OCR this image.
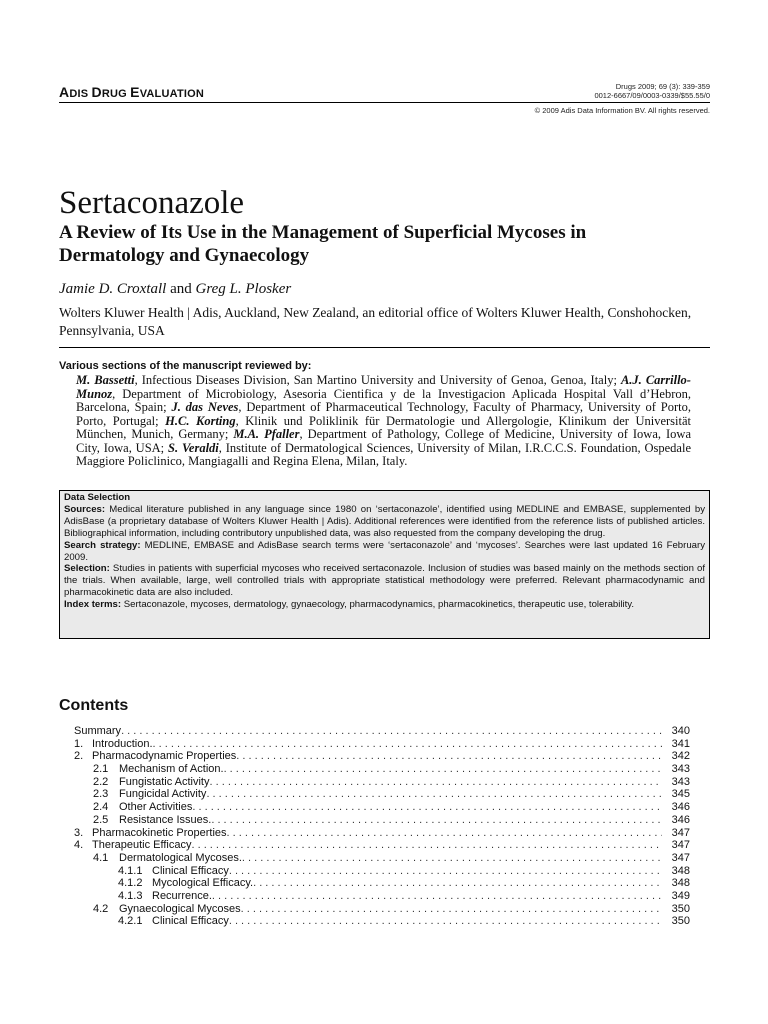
ADIS DRUG EVALUATION
Drugs 2009; 69 (3): 339-359
0012-6667/09/0003-0339/$55.55/0
© 2009 Adis Data Information BV. All rights reserved.
Sertaconazole
A Review of Its Use in the Management of Superficial Mycoses in Dermatology and Gynaecology
Jamie D. Croxtall and Greg L. Plosker
Wolters Kluwer Health | Adis, Auckland, New Zealand, an editorial office of Wolters Kluwer Health, Conshohocken, Pennsylvania, USA
Various sections of the manuscript reviewed by:
M. Bassetti, Infectious Diseases Division, San Martino University and University of Genoa, Genoa, Italy; A.J. Carrillo-Munoz, Department of Microbiology, Asesoria Cientifica y de la Investigacion Aplicada Hospital Vall d’Hebron, Barcelona, Spain; J. das Neves, Department of Pharmaceutical Technology, Faculty of Pharmacy, University of Porto, Porto, Portugal; H.C. Korting, Klinik und Poliklinik für Dermatologie und Allergologie, Klinikum der Universität München, Munich, Germany; M.A. Pfaller, Department of Pathology, College of Medicine, University of Iowa, Iowa City, Iowa, USA; S. Veraldi, Institute of Dermatological Sciences, University of Milan, I.R.C.C.S. Foundation, Ospedale Maggiore Policlinico, Mangiagalli and Regina Elena, Milan, Italy.

Data Selection

Sources: Medical literature published in any language since 1980 on ‘sertaconazole’, identified using MEDLINE and EMBASE, supplemented by AdisBase (a proprietary database of Wolters Kluwer Health | Adis). Additional references were identified from the reference lists of published articles. Bibliographical information, including contributory unpublished data, was also requested from the company developing the drug.

Search strategy: MEDLINE, EMBASE and AdisBase search terms were ‘sertaconazole’ and ‘mycoses’. Searches were last updated 16 February 2009.

Selection: Studies in patients with superficial mycoses who received sertaconazole. Inclusion of studies was based mainly on the methods section of the trials. When available, large, well controlled trials with appropriate statistical methodology were preferred. Relevant pharmacodynamic and pharmacokinetic data are also included.

Index terms: Sertaconazole, mycoses, dermatology, gynaecology, pharmacodynamics, pharmacokinetics, therapeutic use, tolerability.

Contents
Summary . . .	340
1. Introduction. . . .	341
2. Pharmacodynamic Properties . . .	342
2.1 Mechanism of Action. . . .	343
2.2 Fungistatic Activity . . .	343
2.3 Fungicidal Activity . . .	345
2.4 Other Activities . . .	346
2.5 Resistance Issues. . . .	346
3. Pharmacokinetic Properties . . .	347
4. Therapeutic Efficacy . . .	347
4.1 Dermatological Mycoses. . . .	347
4.1.1 Clinical Efficacy . . .	348
4.1.2 Mycological Efficacy. . . .	348
4.1.3 Recurrence. . . .	349
4.2 Gynaecological Mycoses . . .	350
4.2.1 Clinical Efficacy . . .	350
